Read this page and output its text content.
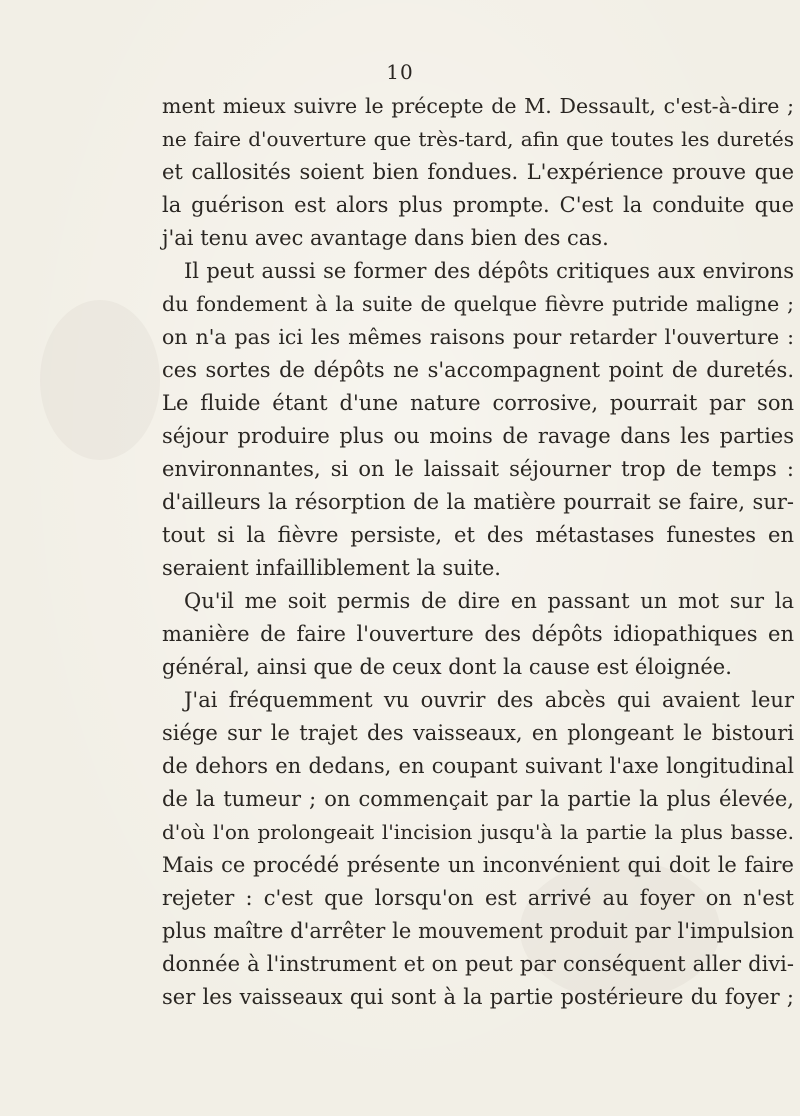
10
ment mieux suivre le précepte de M. Dessault, c'est-à-dire ;
ne faire d'ouverture que très-tard, afin que toutes les duretés
et callosités soient bien fondues. L'expérience prouve que
la guérison est alors plus prompte. C'est la conduite que
j'ai tenu avec avantage dans bien des cas.
Il peut aussi se former des dépôts critiques aux environs
du fondement à la suite de quelque fièvre putride maligne ;
on n'a pas ici les mêmes raisons pour retarder l'ouverture :
ces sortes de dépôts ne s'accompagnent point de duretés.
Le fluide étant d'une nature corrosive, pourrait par son
séjour produire plus ou moins de ravage dans les parties
environnantes, si on le laissait séjourner trop de temps :
d'ailleurs la résorption de la matière pourrait se faire, sur-
tout si la fièvre persiste, et des métastases funestes en
seraient infailliblement la suite.
Qu'il me soit permis de dire en passant un mot sur la
manière de faire l'ouverture des dépôts idiopathiques en
général, ainsi que de ceux dont la cause est éloignée.
J'ai fréquemment vu ouvrir des abcès qui avaient leur
siége sur le trajet des vaisseaux, en plongeant le bistouri
de dehors en dedans, en coupant suivant l'axe longitudinal
de la tumeur ; on commençait par la partie la plus élevée,
d'où l'on prolongeait l'incision jusqu'à la partie la plus basse.
Mais ce procédé présente un inconvénient qui doit le faire
rejeter : c'est que lorsqu'on est arrivé au foyer on n'est
plus maître d'arrêter le mouvement produit par l'impulsion
donnée à l'instrument et on peut par conséquent aller divi-
ser les vaisseaux qui sont à la partie postérieure du foyer ;
